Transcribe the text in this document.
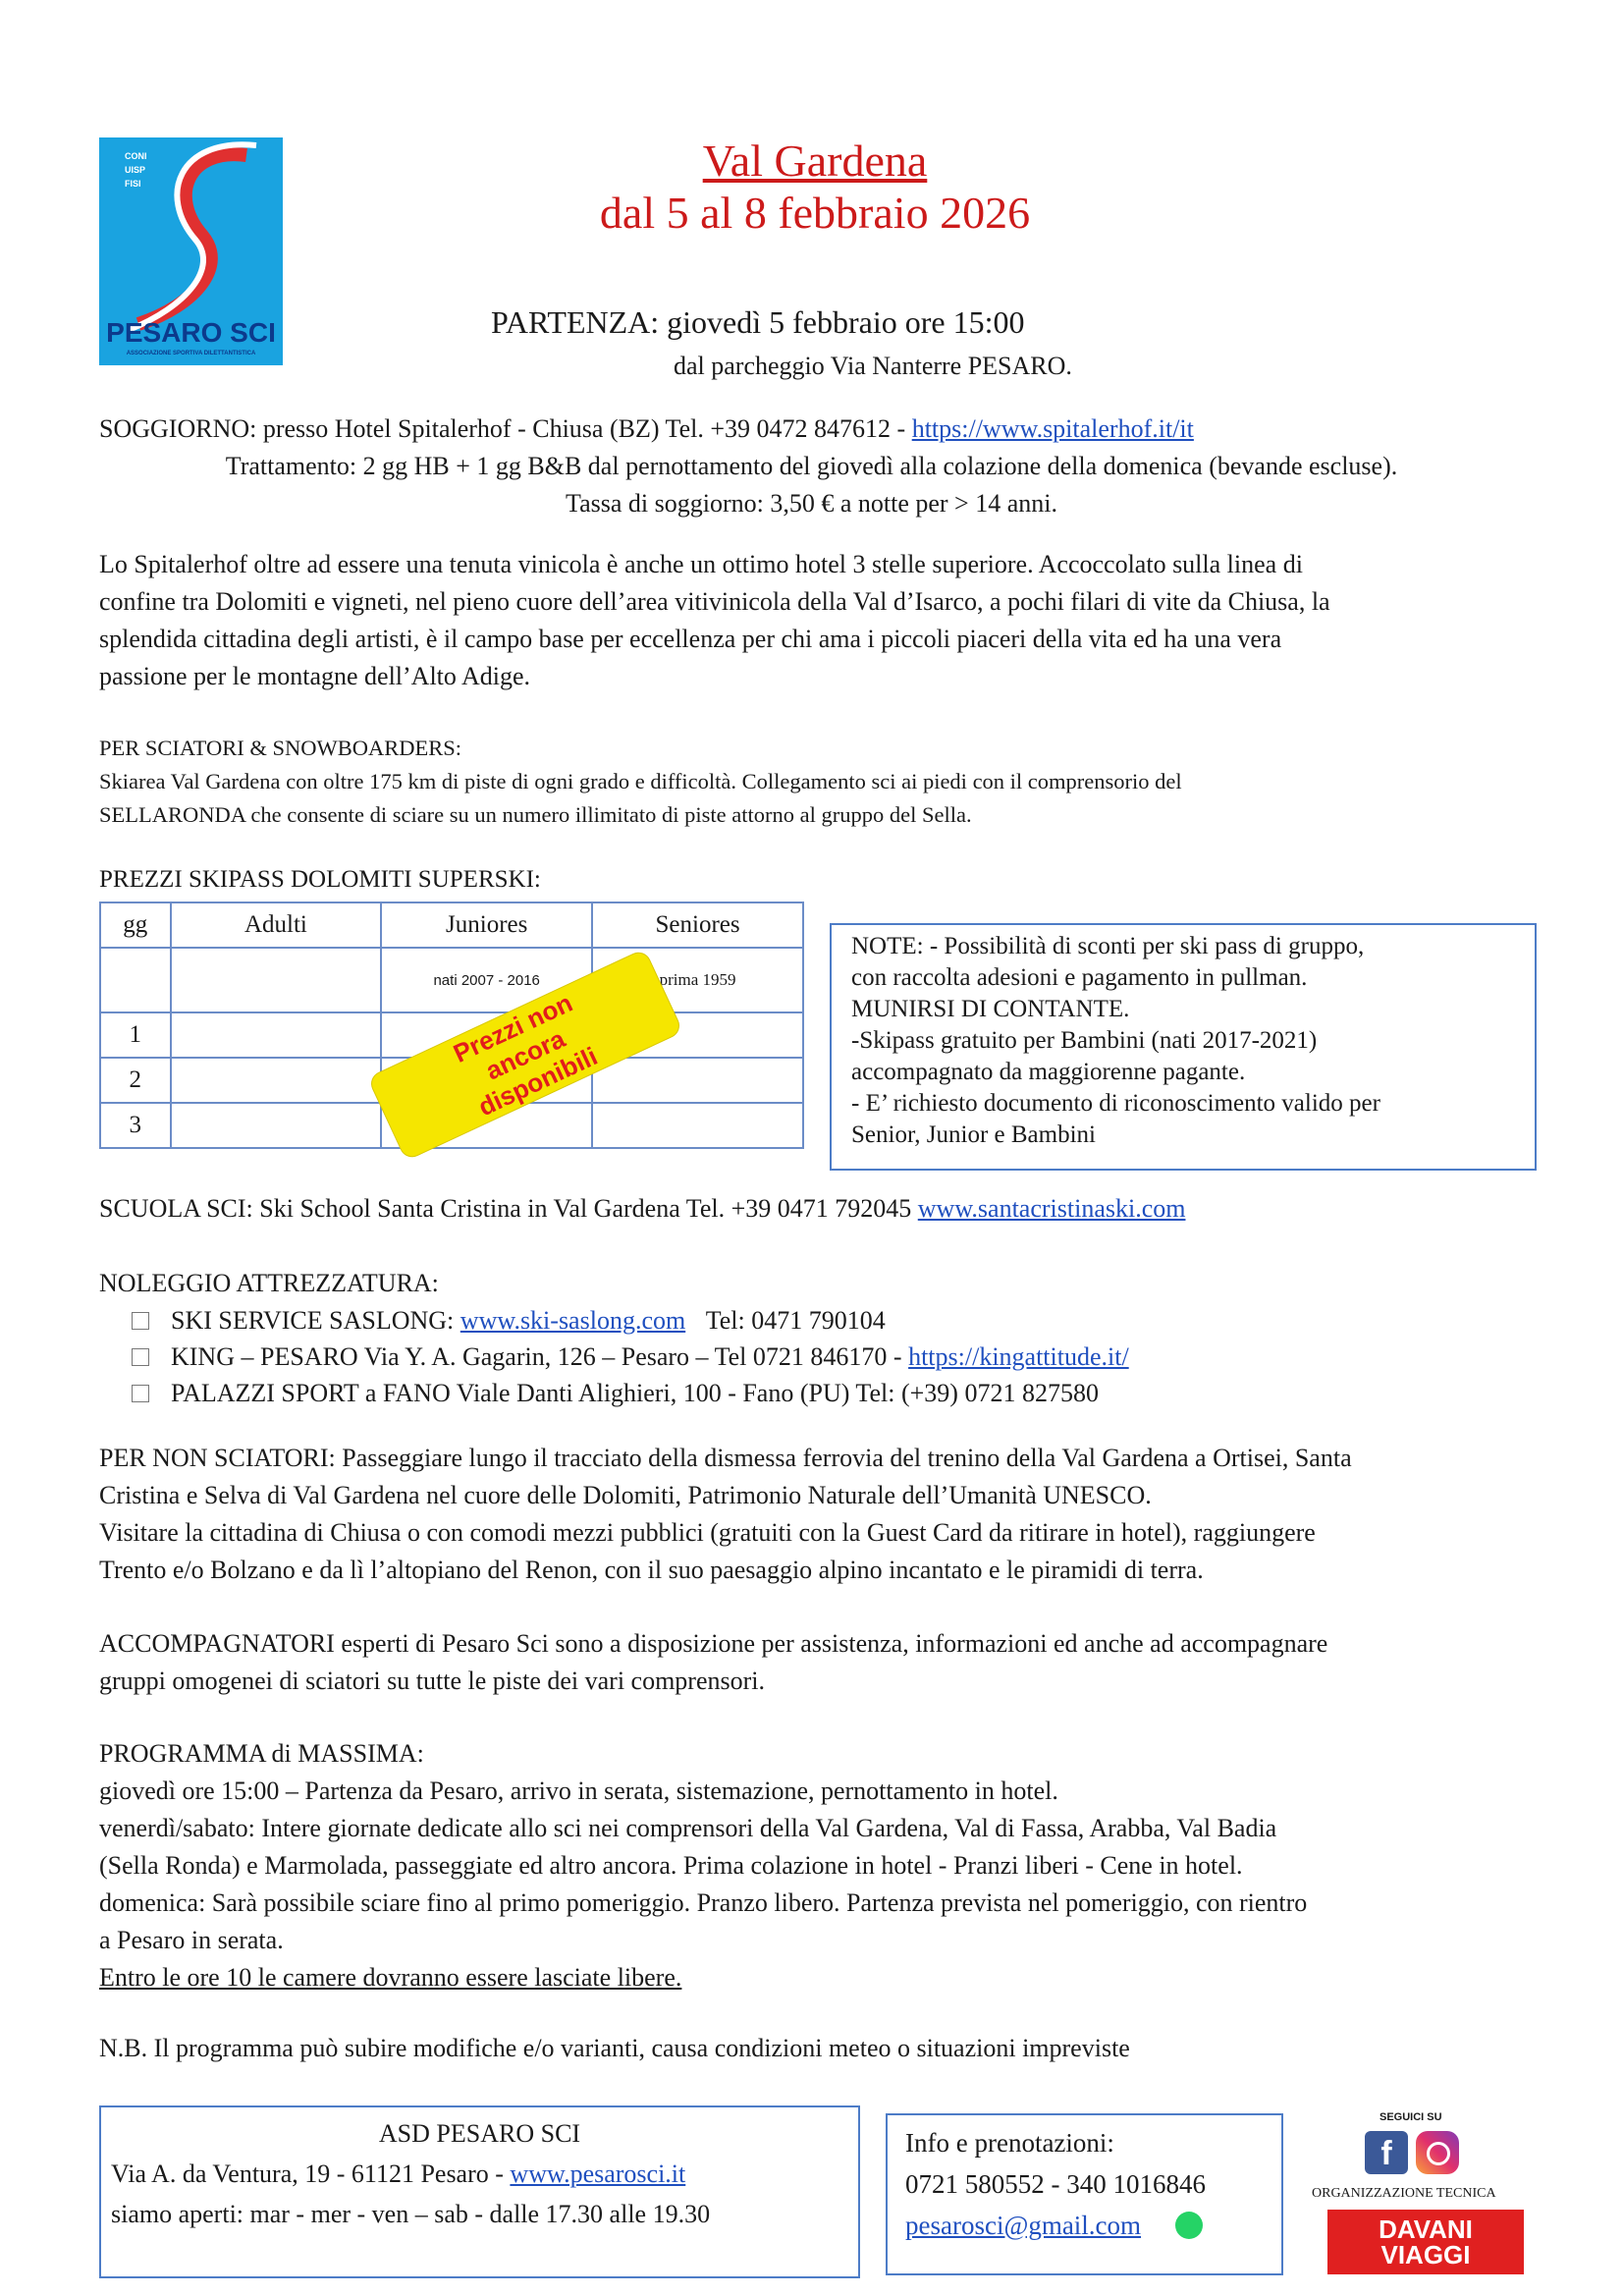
CONI
UISP
FISI
PESARO SCI
ASSOCIAZIONE SPORTIVA DILETTANTISTICA
Val Gardena
dal 5 al 8 febbraio 2026
PARTENZA: giovedì 5 febbraio ore 15:00
dal parcheggio Via Nanterre PESARO.
SOGGIORNO: presso Hotel Spitalerhof - Chiusa (BZ) Tel. +39 0472 847612 - https://www.spitalerhof.it/it
Trattamento: 2 gg HB + 1 gg B&B dal pernottamento del giovedì alla colazione della domenica (bevande escluse).
Tassa di soggiorno: 3,50 € a notte per > 14 anni.
Lo Spitalerhof oltre ad essere una tenuta vinicola è anche un ottimo hotel 3 stelle superiore. Accoccolato sulla linea di
confine tra Dolomiti e vigneti, nel pieno cuore dell’area vitivinicola della Val d’Isarco, a pochi filari di vite da Chiusa, la
splendida cittadina degli artisti, è il campo base per eccellenza per chi ama i piccoli piaceri della vita ed ha una vera
passione per le montagne dell’Alto Adige.
PER SCIATORI & SNOWBOARDERS:
Skiarea Val Gardena con oltre 175 km di piste di ogni grado e difficoltà. Collegamento sci ai piedi con il comprensorio del
SELLARONDA che consente di sciare su un numero illimitato di piste attorno al gruppo del Sella.
PREZZI SKIPASS DOLOMITI SUPERSKI:
gg	Adulti	Juniores	Seniores
		nati 2007 - 2016	prima 1959
1			
2			
3			
Prezzi non ancora disponibili
NOTE: - Possibilità di sconti per ski pass di gruppo,
con raccolta adesioni e pagamento in pullman.
MUNIRSI DI CONTANTE.
-Skipass gratuito per Bambini (nati 2017-2021)
accompagnato da maggiorenne pagante.
- E’ richiesto documento di riconoscimento valido per
Senior, Junior e Bambini
SCUOLA SCI: Ski School Santa Cristina in Val Gardena Tel. +39 0471 792045 www.santacristinaski.com
NOLEGGIO ATTREZZATURA:
SKI SERVICE SASLONG: www.ski-saslong.com Tel: 0471 790104
KING – PESARO Via Y. A. Gagarin, 126 – Pesaro – Tel 0721 846170 - https://kingattitude.it/
PALAZZI SPORT a FANO Viale Danti Alighieri, 100 - Fano (PU) Tel: (+39) 0721 827580
PER NON SCIATORI: Passeggiare lungo il tracciato della dismessa ferrovia del trenino della Val Gardena a Ortisei, Santa
Cristina e Selva di Val Gardena nel cuore delle Dolomiti, Patrimonio Naturale dell’Umanità UNESCO.
Visitare la cittadina di Chiusa o con comodi mezzi pubblici (gratuiti con la Guest Card da ritirare in hotel), raggiungere
Trento e/o Bolzano e da lì l’altopiano del Renon, con il suo paesaggio alpino incantato e le piramidi di terra.
ACCOMPAGNATORI esperti di Pesaro Sci sono a disposizione per assistenza, informazioni ed anche ad accompagnare
gruppi omogenei di sciatori su tutte le piste dei vari comprensori.
PROGRAMMA di MASSIMA:
giovedì ore 15:00 – Partenza da Pesaro, arrivo in serata, sistemazione, pernottamento in hotel.
venerdì/sabato: Intere giornate dedicate allo sci nei comprensori della Val Gardena, Val di Fassa, Arabba, Val Badia
(Sella Ronda) e Marmolada, passeggiate ed altro ancora. Prima colazione in hotel - Pranzi liberi - Cene in hotel.
domenica: Sarà possibile sciare fino al primo pomeriggio. Pranzo libero. Partenza prevista nel pomeriggio, con rientro
a Pesaro in serata.
Entro le ore 10 le camere dovranno essere lasciate libere.
N.B. Il programma può subire modifiche e/o varianti, causa condizioni meteo o situazioni impreviste
ASD PESARO SCI
Via A. da Ventura, 19 - 61121 Pesaro - www.pesarosci.it
siamo aperti: mar - mer - ven – sab - dalle 17.30 alle 19.30
Info e prenotazioni:
0721 580552 - 340 1016846
pesarosci@gmail.com
SEGUICI SU
f
ORGANIZZAZIONE TECNICA
DAVANI VIAGGI
